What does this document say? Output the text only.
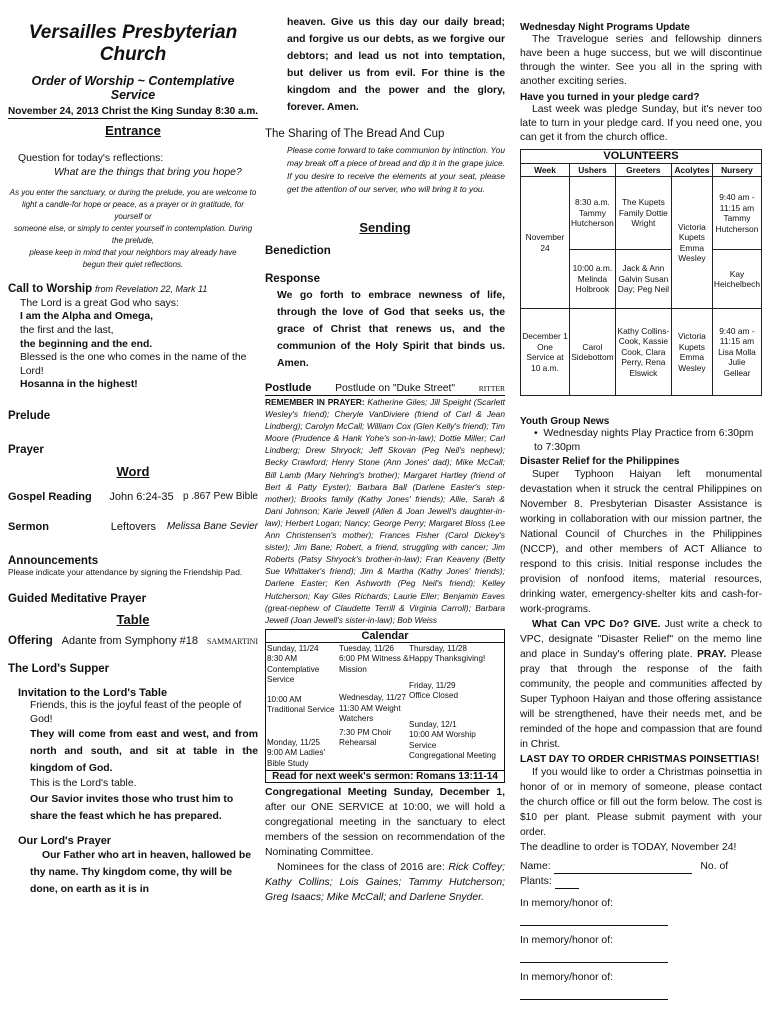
Versailles Presbyterian Church
Order of Worship ~ Contemplative Service
November 24, 2013 Christ the King Sunday 8:30 a.m.
Entrance
Question for today's reflections:
What are the things that bring you hope?
As you enter the sanctuary, or during the prelude, you are welcome to
light a candle-for hope or peace, as a prayer or in gratitude, for yourself or
someone else, or simply to center yourself in contemplation. During the prelude,
please keep in mind that your neighbors may already have
begun their quiet reflections.
Call to Worship from Revelation 22, Mark 11
The Lord is a great God who says:
I am the Alpha and Omega,
the first and the last,
the beginning and the end.
Blessed is the one who comes in the name of the Lord!
Hosanna in the highest!
Prelude
Prayer
Word
Gospel Reading	John 6:24-35 p .867 Pew Bible
Sermon	Leftovers Melissa Bane Sevier
Announcements
Please indicate your attendance by signing the Friendship Pad.
Guided Meditative Prayer
Table
Offering Adante from Symphony #18 SAMMARTINI
The Lord's Supper
Invitation to the Lord's Table
Friends, this is the joyful feast of the people of God!
They will come from east and west, and from north and south, and sit at table in the kingdom of God.
This is the Lord's table.
Our Savior invites those who trust him to share the feast which he has prepared.
Our Lord's Prayer
Our Father who art in heaven, hallowed be thy name. Thy kingdom come, thy will be done, on earth as it is in
heaven. Give us this day our daily bread; and forgive us our debts, as we forgive our debtors; and lead us not into temptation, but deliver us from evil. For thine is the kingdom and the power and the glory, forever. Amen.
The Sharing of The Bread And Cup
Please come forward to take communion by intinction. You may break off a piece of bread and dip it in the grape juice. If you desire to receive the elements at your seat, please get the attention of our server, who will bring it to you.
Sending
Benediction
Response
We go forth to embrace newness of life, through the love of God that seeks us, the grace of Christ that renews us, and the communion of the Holy Spirit that binds us. Amen.
Postlude Postlude on "Duke Street"	RITTER
REMEMBER IN PRAYER: Katherine Giles; Jill Speight (Scarlett Wesley's friend); Cheryle VanDiviere (friend of Carl & Jean Lindberg); Carolyn McCall; William Cox (Glen Kelly's friend); Tim Moore (Prudence & Hank Yohe's son-in-law); Dottie Miller; Carl Lindberg; Drew Shryock; Jeff Skovan (Peg Neil's nephew); Becky Crawford; Henry Stone (Ann Jones' dad); Mike McCall; Bill Lamb (Mary Nehring's brother); Margaret Hartley (friend of Bert & Patty Eyster); Barbara Ball (Darlene Easter's step-mother); Brooks family (Kathy Jones' friends); Allie, Sarah & Dani Johnson; Karie Jewell (Allen & Joan Jewell's daughter-in-law); Herbert Logan; Nancy; George Perry; Margaret Bloss (Lee Ann Christensen's mother); Frances Fisher (Carol Dickey's sister); Jim Bane; Robert, a friend, struggling with cancer; Jim Roberts (Patsy Shryock's brother-in-law); Fran Keaveny (Betty Sue Whittaker's friend); Jim & Martha (Kathy Jones' friends); Darlene Easter; Ken Ashworth (Peg Neil's friend); Kelley Hutcherson; Kay Giles Richards; Laurie Eller; Benjamin Eaves (great-nephew of Claudette Terrill & Virginia Carroll); Barbara Jewell (Joan Jewell's sister-in-law); Bob Weiss
Calendar
Sunday, 11/24
8:30 AM Contemplative Service
10:00 AM Traditional Service
Monday, 11/25
9:00 AM Ladies' Bible Study
Tuesday, 11/26
6:00 PM Witness & Mission
Wednesday, 11/27
11:30 AM Weight Watchers
7:30 PM Choir Rehearsal
Thursday, 11/28
Happy Thanksgiving!
Friday, 11/29
Office Closed
Sunday, 12/1
10:00 AM Worship Service
Congregational Meeting
Read for next week's sermon: Romans 13:11-14
Congregational Meeting Sunday, December 1, after our ONE SERVICE at 10:00, we will hold a congregational meeting in the sanctuary to elect members of the session on recommendation of the Nominating Committee.
Nominees for the class of 2016 are: Rick Coffey; Kathy Collins; Lois Gaines; Tammy Hutcherson; Greg Isaacs; Mike McCall; and Darlene Snyder.
Wednesday Night Programs Update
The Travelogue series and fellowship dinners have been a huge success, but we will discontinue through the winter. See you all in the spring with another exciting series.
Have you turned in your pledge card?
Last week was pledge Sunday, but it's never too late to turn in your pledge card. If you need one, you can get it from the church office.
VOLUNTEERS				
Week	Ushers	Greeters	Acolytes	Nursery
November 24	8:30 a.m. Tammy Hutcherson	The Kupets Family Dottie Wright	Victoria Kupets Emma Wesley	9:40 am - 11:15 am Tammy Hutcherson
	10:00 a.m. Melinda Holbrook	Jack & Ann Galvin Susan Day; Peg Neil		Kay Heichelbech
December 1 One Service at 10 a.m.	Carol Sidebottom	Kathy Collins-Cook, Kassie Cook, Clara Perry, Rena Elswick	Victoria Kupets Emma Wesley	9:40 am - 11:15 am Lisa Molla Julie Gellear
Youth Group News
•  Wednesday nights Play Practice from 6:30pm to 7:30pm
Disaster Relief for the Philippines
Super Typhoon Haiyan left monumental devastation when it struck the central Philippines on November 8. Presbyterian Disaster Assistance is working in collaboration with our mission partner, the National Council of Churches in the Philippines (NCCP), and other members of ACT Alliance to respond to this crisis. Initial response includes the provision of nonfood items, material resources, drinking water, emergency-shelter kits and cash-for-work-programs.
What Can VPC Do? GIVE. Just write a check to VPC, designate "Disaster Relief" on the memo line and place in Sunday's offering plate. PRAY. Please pray that through the response of the faith community, the people and communities affected by Super Typhoon Haiyan and those offering assistance will be strengthened, have their needs met, and be reminded of the hope and compassion that are found in Christ.
LAST DAY TO ORDER CHRISTMAS POINSETTIAS!
If you would like to order a Christmas poinsettia in honor of or in memory of someone, please contact the church office or fill out the form below. The cost is $10 per plant. Please submit payment with your order.
The deadline to order is TODAY, November 24!
Name:	No. of Plants:
In memory/honor of:
In memory/honor of:
In memory/honor of:
